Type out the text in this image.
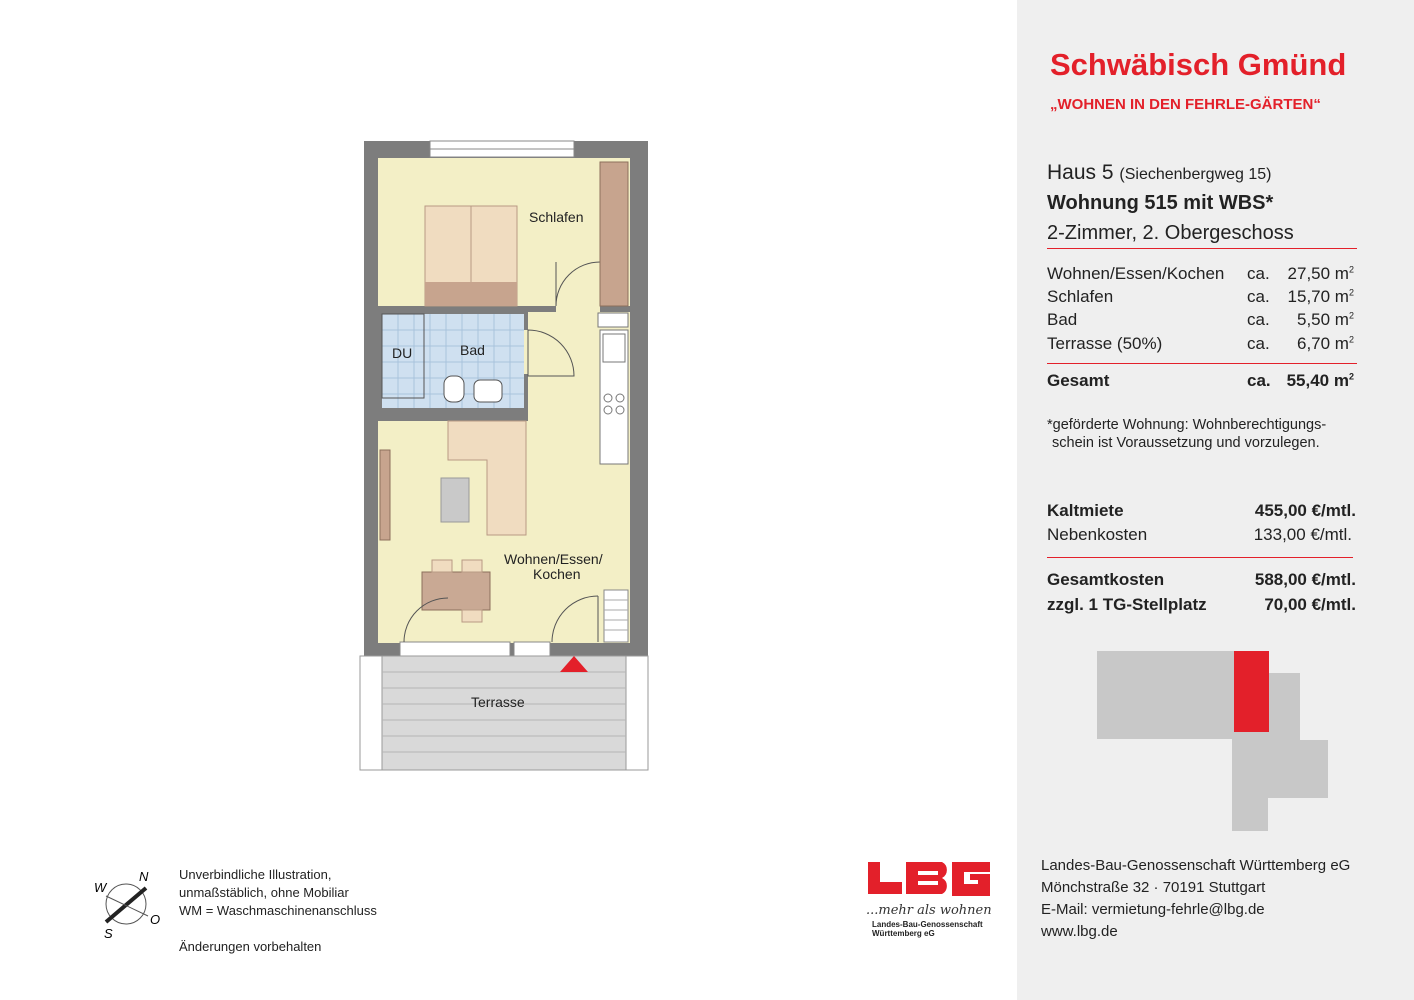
Schlafen
DU	Bad
Wohnen/Essen/
Kochen
Terrasse
N
W
O
S
Unverbindliche Illustration,
unmaßstäblich, ohne Mobiliar
WM = Waschmaschinenanschluss
Änderungen vorbehalten
...mehr als wohnen
Landes-Bau-Genossenschaft
Württemberg eG
Schwäbisch Gmünd
„WOHNEN IN DEN FEHRLE-GÄRTEN“
Haus 5 (Siechenbergweg 15)
Wohnung 515 mit WBS*
2-Zimmer, 2. Obergeschoss
Wohnen/Essen/Kochen ca.	27,50 $m^2$
Schlafen	ca.	15,70 $m^2$
Bad	ca.	5,50 $m^2$
Terrasse (50%)	ca.	6,70 $m^2$
Gesamt	ca. 55,40 $m^2$
*geförderte Wohnung: Wohnberechtigungs-
schein ist Voraussetzung und vorzulegen.
Kaltmiete	455,00 €/mtl.
Nebenkosten	133,00 €/mtl.
Gesamtkosten	588,00 €/mtl.
zzgl. 1 TG-Stellplatz	70,00 €/mtl.
Landes-Bau-Genossenschaft Württemberg eG
Mönchstraße 32 · 70191 Stuttgart
E-Mail: vermietung-fehrle@lbg.de
www.lbg.de
